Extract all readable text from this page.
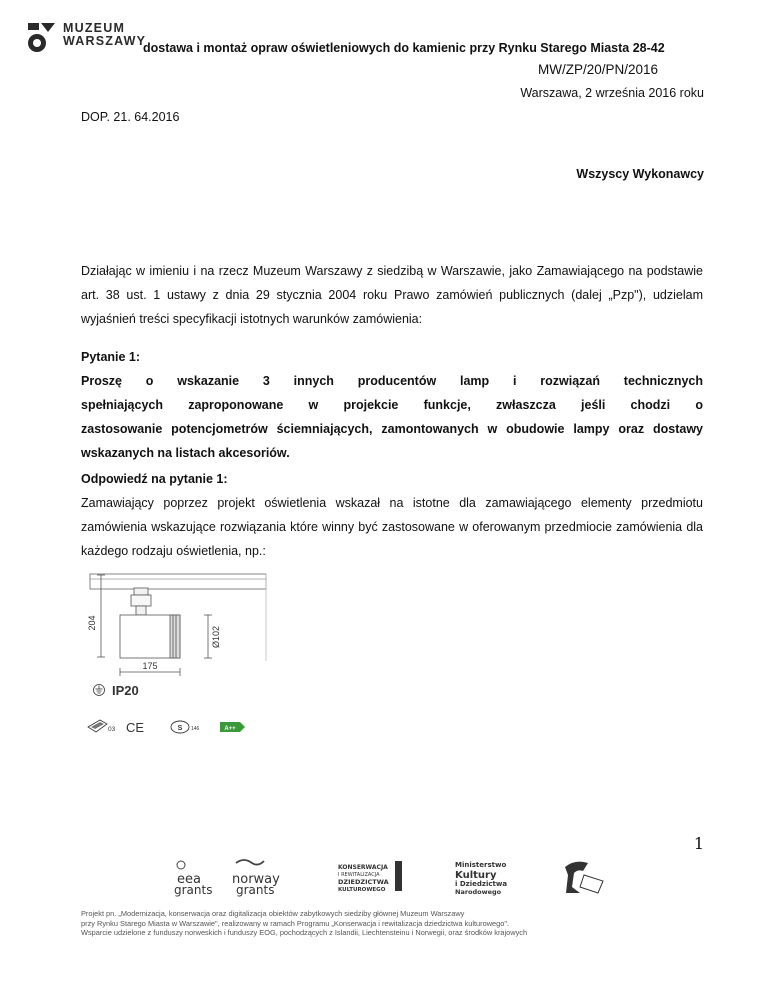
MUZEUM
WARSZAWY
dostawa i montaż opraw oświetleniowych do kamienic przy Rynku Starego Miasta 28-42
MW/ZP/20/PN/2016
Warszawa, 2 września 2016 roku
DOP. 21. 64.2016
Wszyscy Wykonawcy
Działając w imieniu i na rzecz Muzeum Warszawy z siedzibą w Warszawie, jako Zamawiającego na podstawie art. 38 ust. 1 ustawy z dnia 29 stycznia 2004 roku Prawo zamówień publicznych (dalej „Pzp"), udzielam wyjaśnień treści specyfikacji istotnych warunków zamówienia:
Pytanie 1:
Proszę o wskazanie 3 innych producentów lamp i rozwiązań technicznych
spełniających zaproponowane w projekcie funkcje, zwłaszcza jeśli chodzi o
zastosowanie potencjometrów ściemniających, zamontowanych w obudowie lampy oraz dostawy
wskazanych na listach akcesoriów.
Odpowiedź na pytanie 1:
Zamawiający poprzez projekt oświetlenia wskazał na istotne dla zamawiającego elementy przedmiotu zamówienia wskazujące rozwiązania które winny być zastosowane w oferowanym przedmiocie zamówienia dla każdego rodzaju oświetlenia, np.:
204
Ø102
175
IP20
03 CE	S 146	A++
1
eea
grants
norway
grants
KONSERWACJA
I REWITALIZACJA
DZIEDZICTWA
KULTUROWEGO
Ministerstwo
Kultury
i Dziedzictwa
Narodowego
Projekt pn. „Modernizacja, konserwacja oraz digitalizacja obiektów zabytkowych siedziby głównej Muzeum Warszawy
przy Rynku Starego Miasta w Warszawie", realizowany w ramach Programu „Konserwacja i rewitalizacja dziedzictwa kulturowego".
Wsparcie udzielone z funduszy norweskich i funduszy EOG, pochodzących z Islandii, Liechtensteinu i Norwegii, oraz środków krajowych
